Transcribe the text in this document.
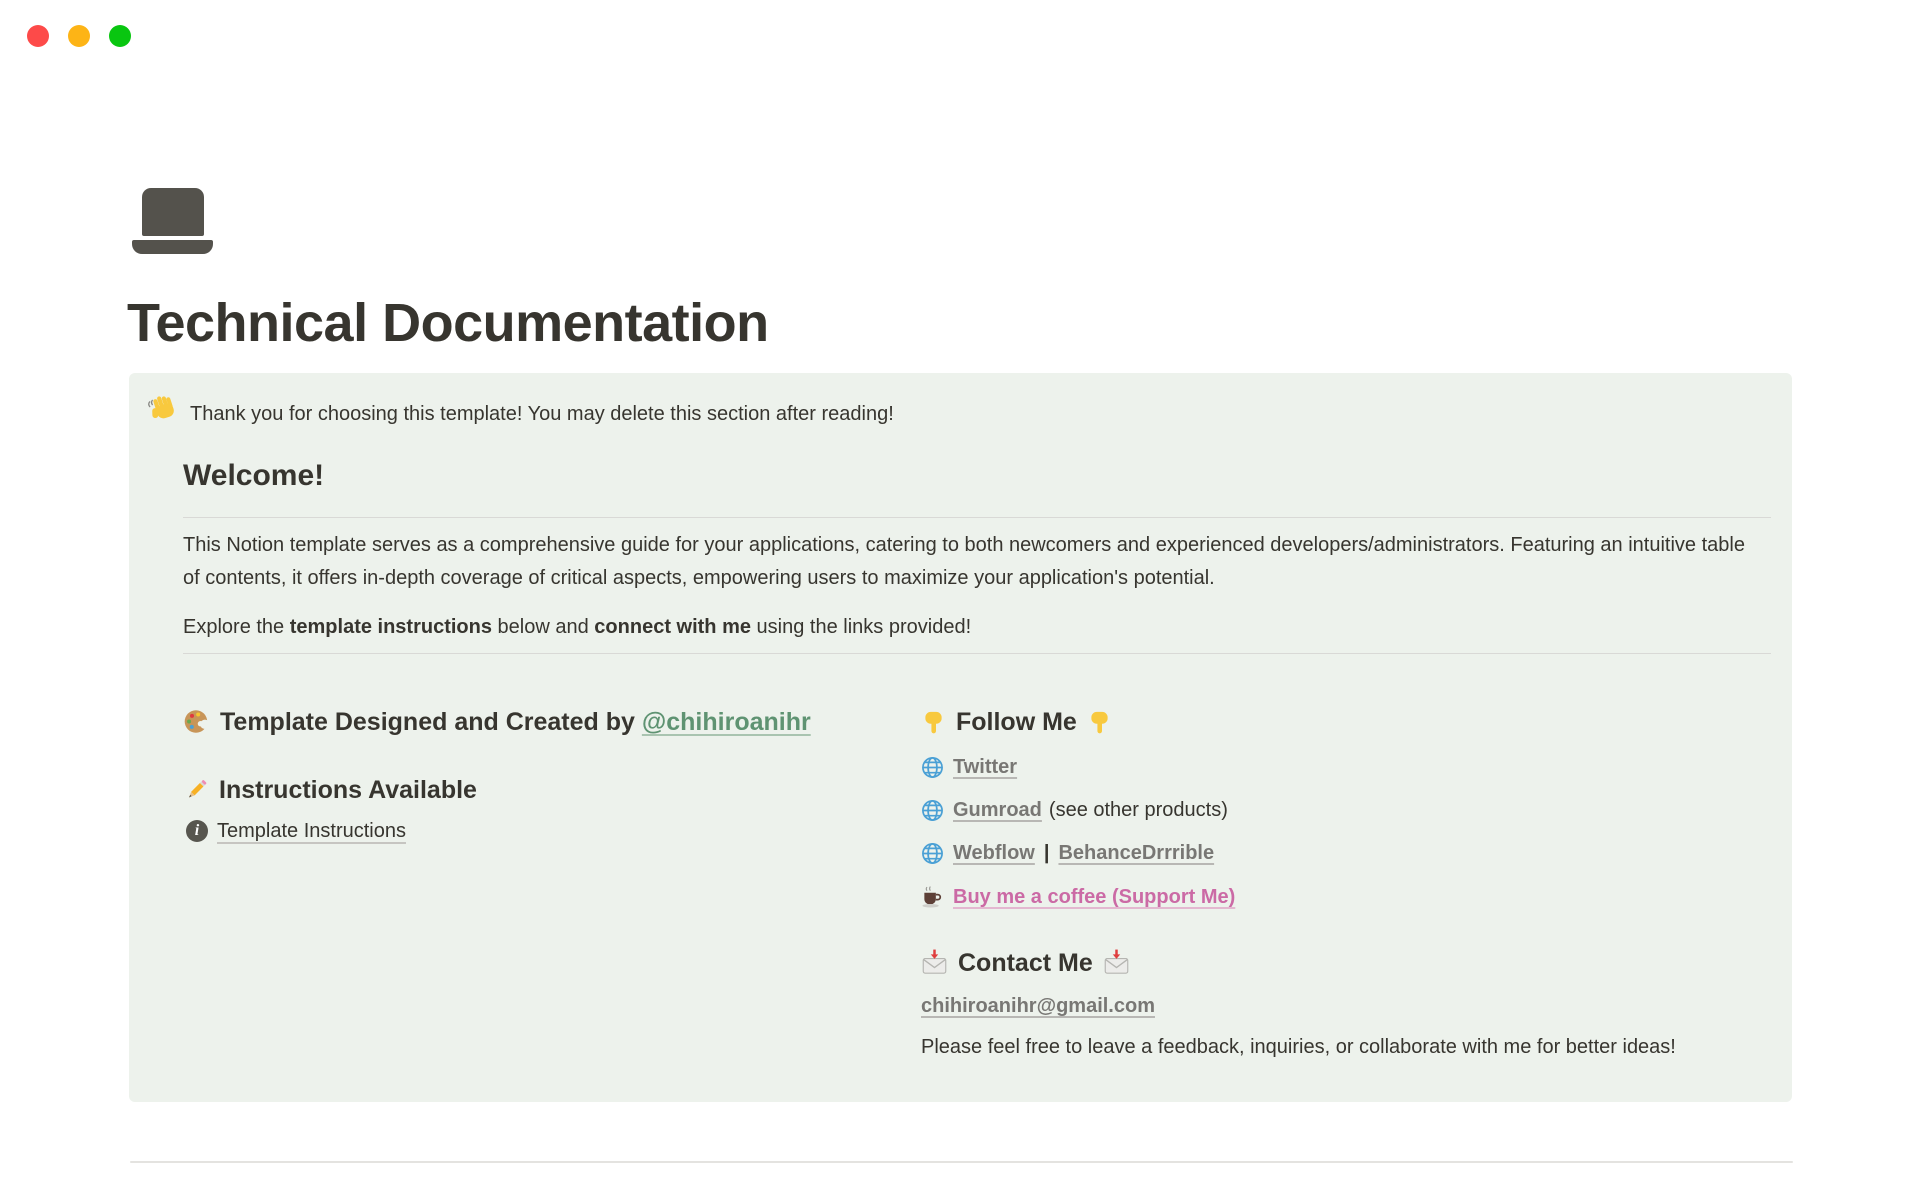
Technical Documentation
Thank you for choosing this template! You may delete this section after reading!
Welcome!
This Notion template serves as a comprehensive guide for your applications, catering to both newcomers and experienced developers/administrators. Featuring an intuitive table of contents, it offers in-depth coverage of critical aspects, empowering users to maximize your application's potential.
Explore the template instructions below and connect with me using the links provided!
Template Designed and Created by @chihiroanihr
Instructions Available
i Template Instructions
Follow Me
Twitter
Gumroad (see other products)
Webflow | BehanceDrrrible
Buy me a coffee (Support Me)
Contact Me
chihiroanihr@gmail.com
Please feel free to leave a feedback, inquiries, or collaborate with me for better ideas!
